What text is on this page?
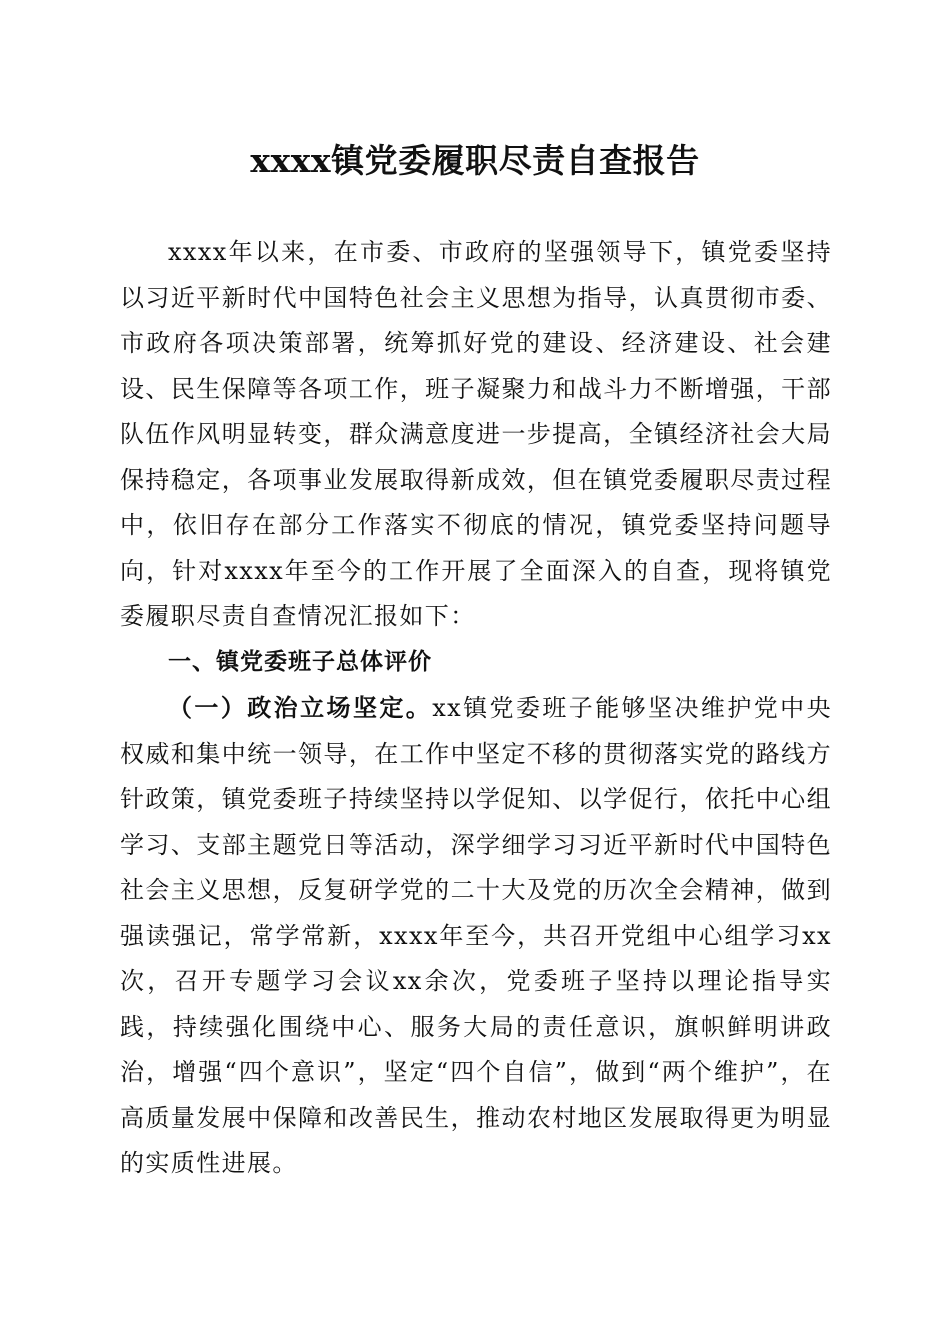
xxxx镇党委履职尽责自查报告

xxxx年以来，在市委、市政府的坚强领导下，镇党委坚持以习近平新时代中国特色社会主义思想为指导，认真贯彻市委、市政府各项决策部署，统筹抓好党的建设、经济建设、社会建设、民生保障等各项工作，班子凝聚力和战斗力不断增强，干部队伍作风明显转变，群众满意度进一步提高，全镇经济社会大局保持稳定，各项事业发展取得新成效，但在镇党委履职尽责过程中，依旧存在部分工作落实不彻底的情况，镇党委坚持问题导向，针对xxxx年至今的工作开展了全面深入的自查，现将镇党委履职尽责自查情况汇报如下：

一、镇党委班子总体评价

（一）政治立场坚定。xx镇党委班子能够坚决维护党中央权威和集中统一领导，在工作中坚定不移的贯彻落实党的路线方针政策，镇党委班子持续坚持以学促知、以学促行，依托中心组学习、支部主题党日等活动，深学细学习习近平新时代中国特色社会主义思想，反复研学党的二十大及党的历次全会精神，做到强读强记，常学常新，xxxx年至今，共召开党组中心组学习xx次，召开专题学习会议xx余次，党委班子坚持以理论指导实践，持续强化围绕中心、服务大局的责任意识，旗帜鲜明讲政治，增强“四个意识”，坚定“四个自信”，做到“两个维护”，在高质量发展中保障和改善民生，推动农村地区发展取得更为明显的实质性进展。
